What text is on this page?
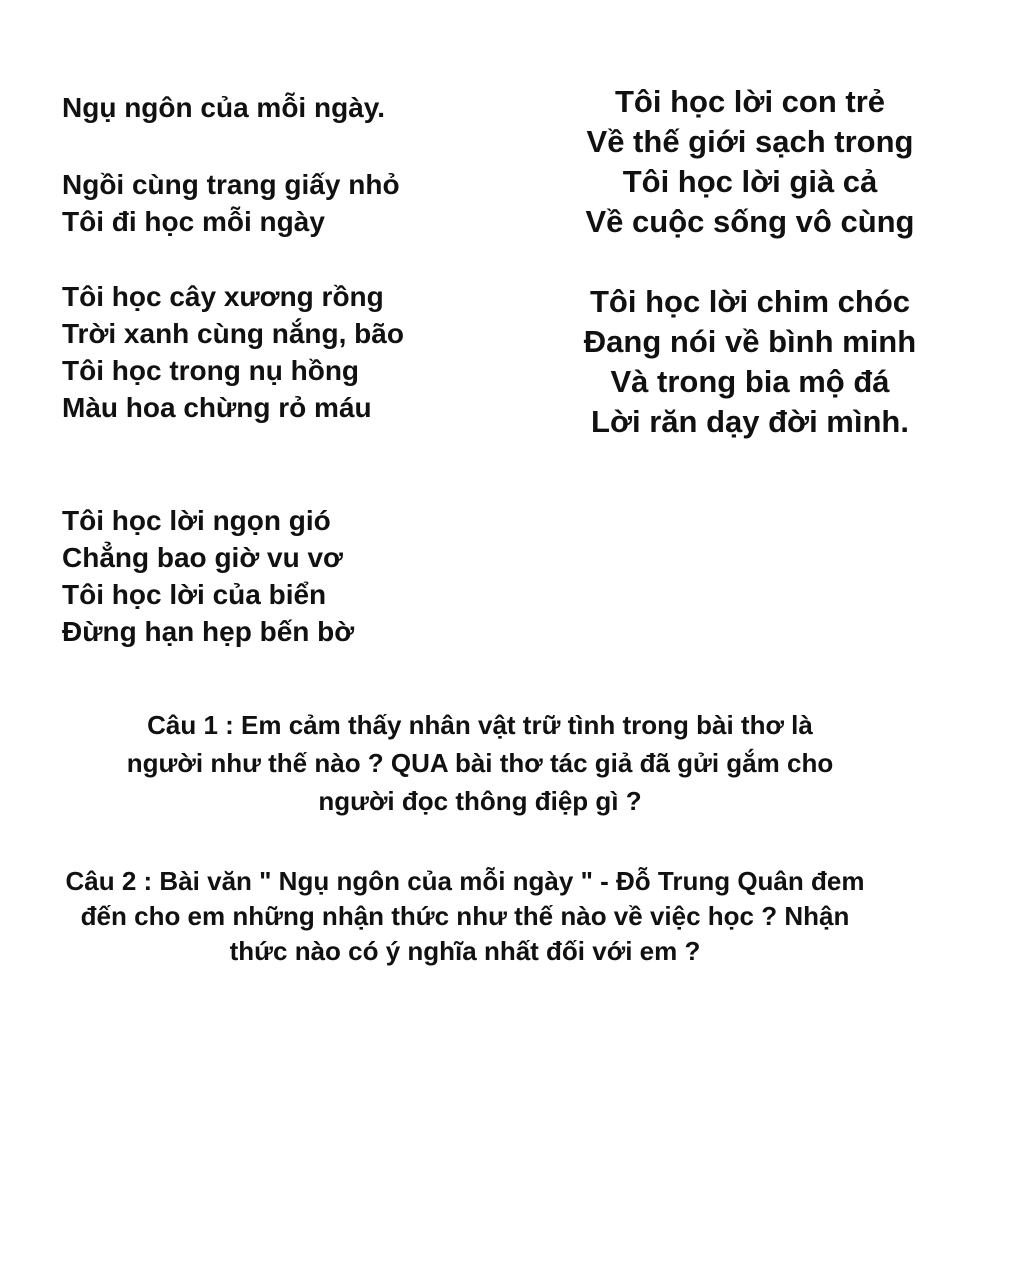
Ngụ ngôn của mỗi ngày.
Ngồi cùng trang giấy nhỏ
Tôi đi học mỗi ngày
Tôi học cây xương rồng
Trời xanh cùng nắng, bão
Tôi học trong nụ hồng
Màu hoa chừng rỏ máu
Tôi học lời ngọn gió
Chẳng bao giờ vu vơ
Tôi học lời của biển
Đừng hạn hẹp bến bờ
Tôi học lời con trẻ
Về thế giới sạch trong
Tôi học lời già cả
Về cuộc sống vô cùng
Tôi học lời chim chóc
Đang nói về bình minh
Và trong bia mộ đá
Lời răn dạy đời mình.
Câu 1 : Em cảm thấy nhân vật trữ tình trong bài thơ là
người như thế nào ? QUA bài thơ tác giả đã gửi gắm cho
người đọc thông điệp gì ?
Câu 2 : Bài văn " Ngụ ngôn của mỗi ngày " - Đỗ Trung Quân đem
đến cho em những nhận thức như thế nào về việc học ? Nhận
thức nào có ý nghĩa nhất đối với em ?
